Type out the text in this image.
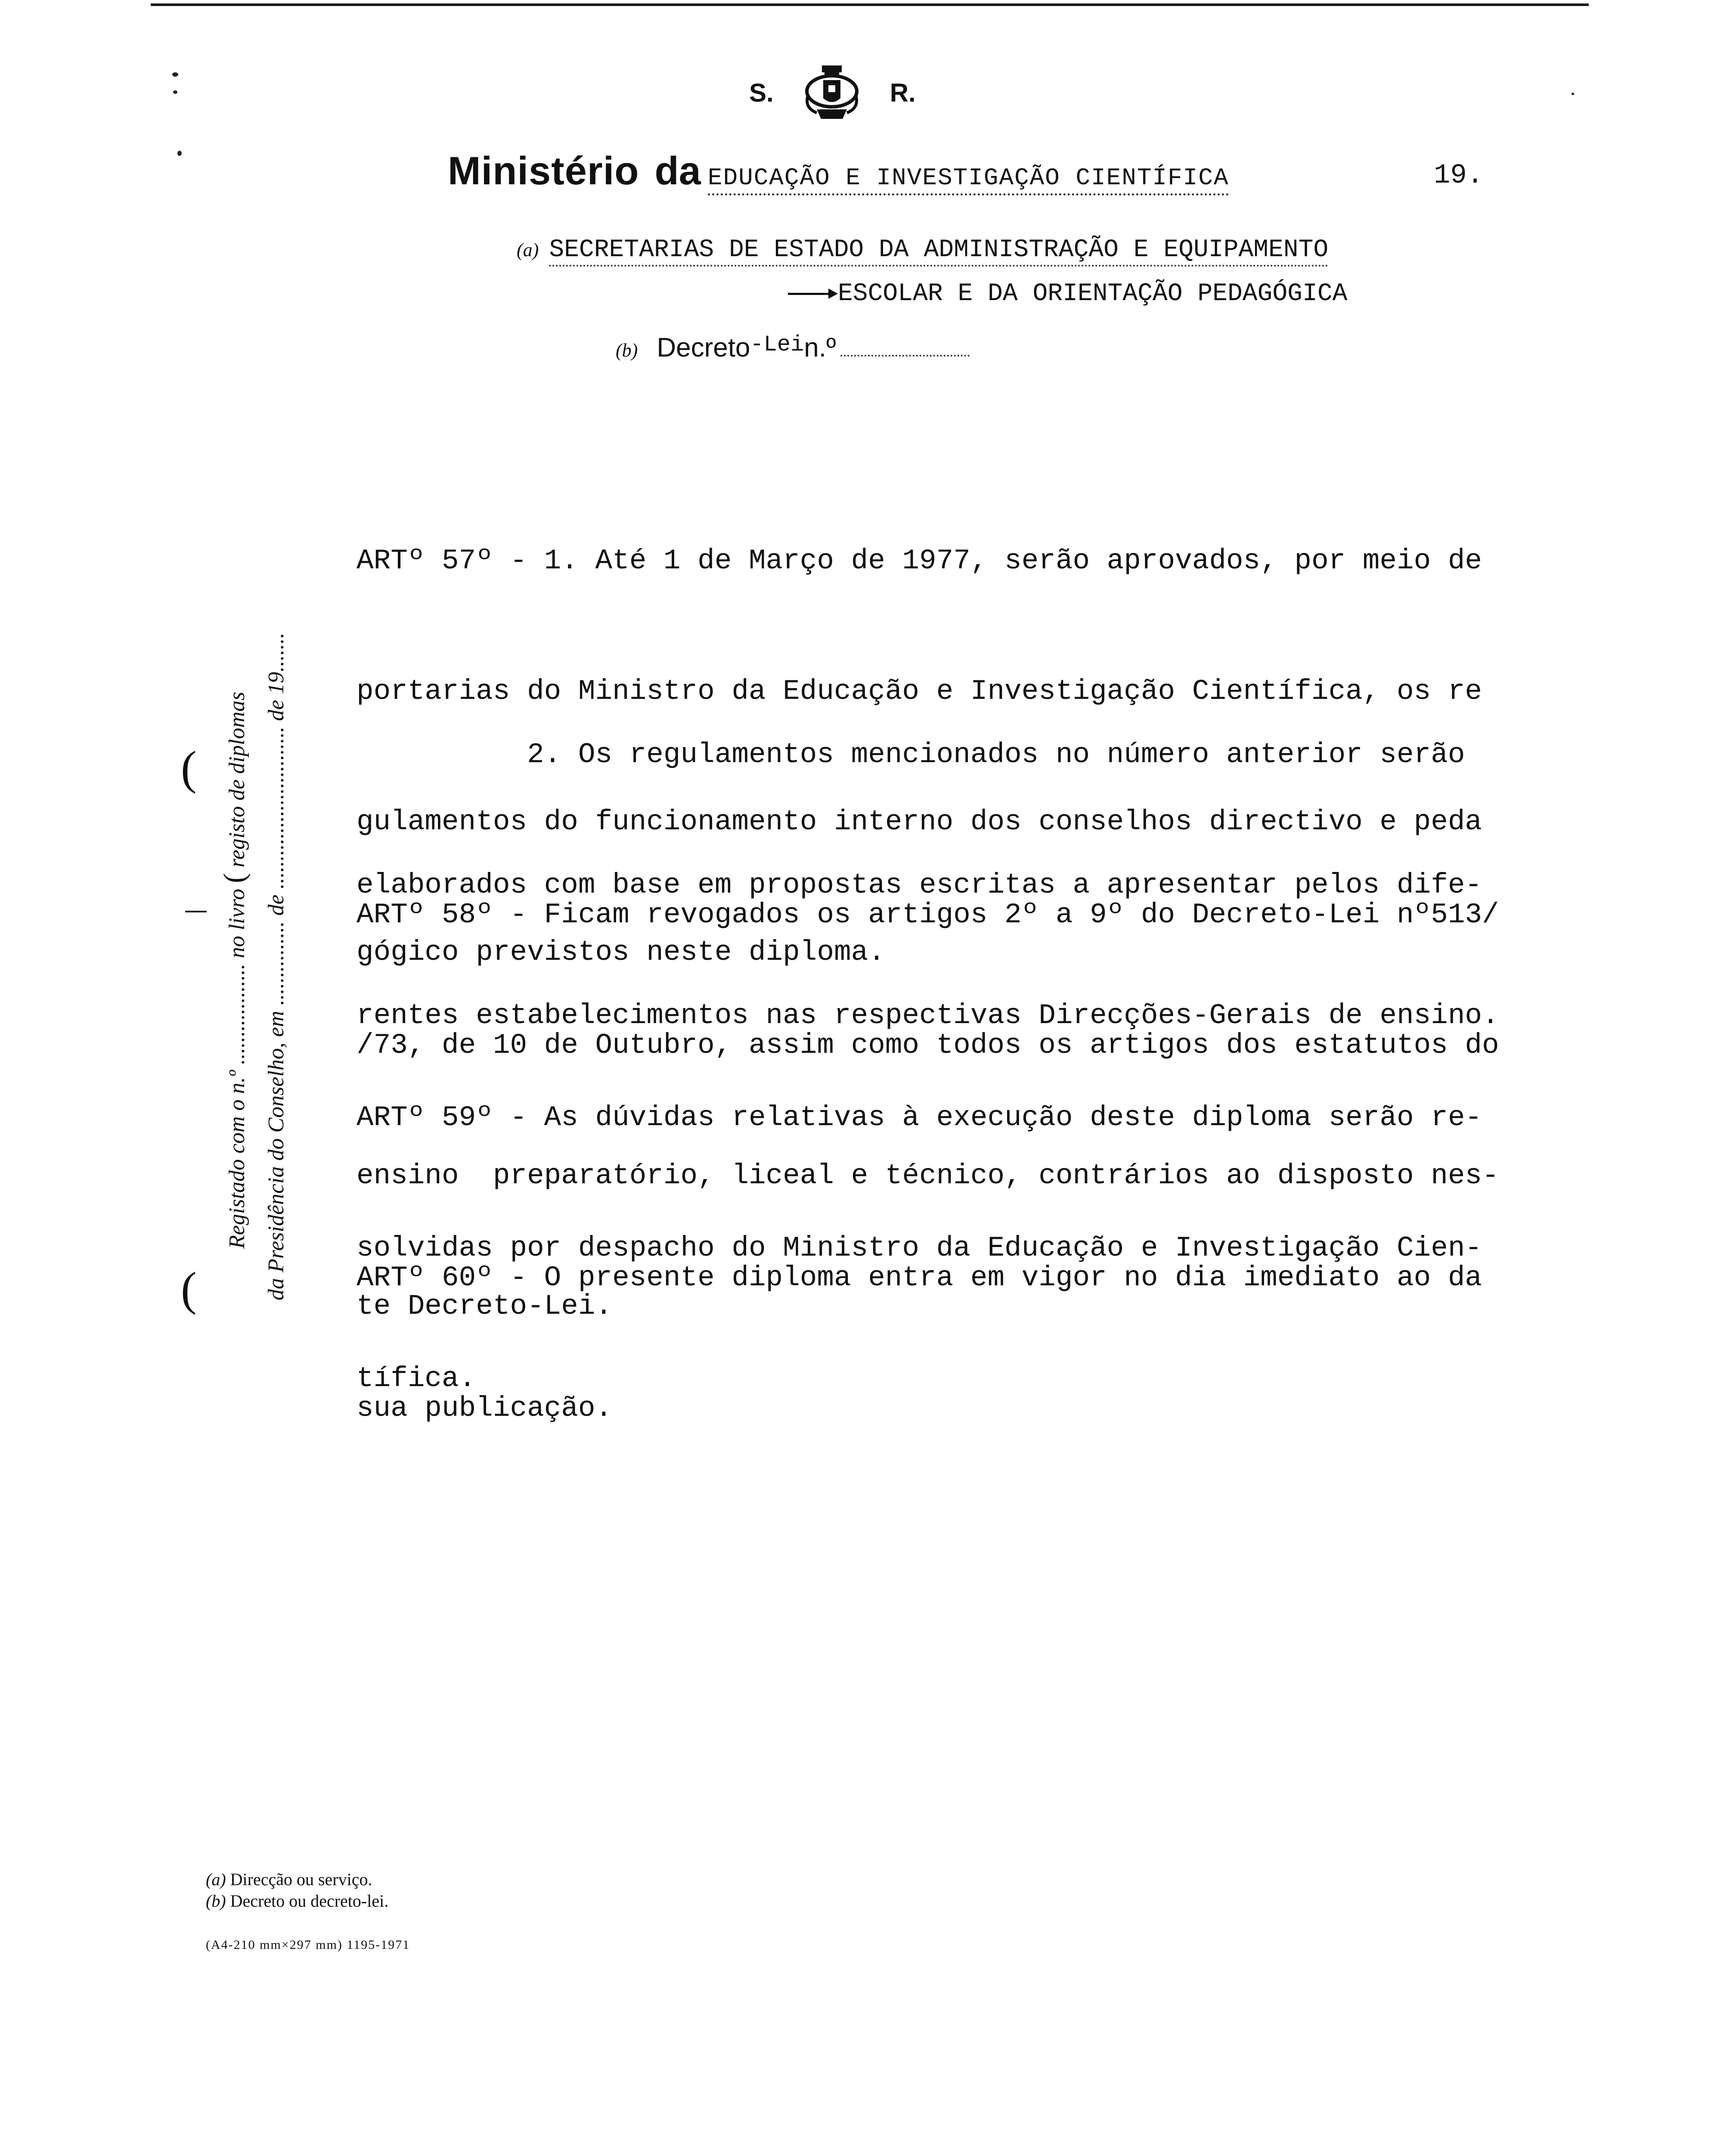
S.	R.
Ministério da EDUCAÇÃO E INVESTIGAÇÃO CIENTÍFICA	19.
(a) SECRETARIAS DE ESTADO DA ADMINISTRAÇÃO E EQUIPAMENTO
ESCOLAR E DA ORIENTAÇÃO PEDAGÓGICA
(b) Decreto -Lei n.º

ARTº 57º - 1. Até 1 de Março de 1977, serão aprovados, por meio de

portarias do Ministro da Educação e Investigação Científica, os re

gulamentos do funcionamento interno dos conselhos directivo e peda

gógico previstos neste diploma.

2. Os regulamentos mencionados no número anterior serão

elaborados com base em propostas escritas a apresentar pelos dife-

rentes estabelecimentos nas respectivas Direcções-Gerais de ensino.

ARTº 58º - Ficam revogados os artigos 2º a 9º do Decreto-Lei nº513/

/73, de 10 de Outubro, assim como todos os artigos dos estatutos do

ensino  preparatório, liceal e técnico, contrários ao disposto nes-

te Decreto-Lei.

ARTº 59º - As dúvidas relativas à execução deste diploma serão re-

solvidas por despacho do Ministro da Educação e Investigação Cien-

tífica.

ARTº 60º - O presente diploma entra em vigor no dia imediato ao da

sua publicação.

Registado com o n.º .................. no livro ( registo de diplomas da Presidência do Conselho, em ............... de ............................. de 19.......
(
(
(a) Direcção ou serviço.
(b) Decreto ou decreto-lei.
(A4-210 mm×297 mm) 1195-1971
